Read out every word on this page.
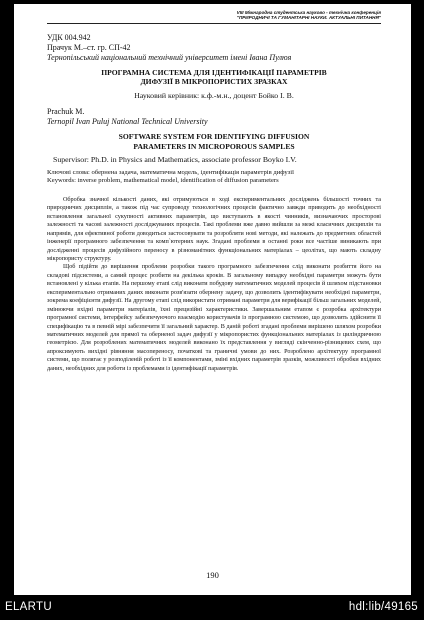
VIII Міжнародна студентська науково - технічна конференція
"ПРИРОДНИЧІ ТА ГУМАНІТАРНІ НАУКИ. АКТУАЛЬНІ ПИТАННЯ"
УДК 004.942
Прачук М.–ст. гр. СП-42
Тернопільський національний технічний університет імені Івана Пулюя
ПРОГРАМНА СИСТЕМА ДЛЯ ІДЕНТИФІКАЦІЇ ПАРАМЕТРІВ
ДИФУЗІЇ В МІКРОПОРИСТИХ ЗРАЗКАХ
Науковий керівник: к.ф.-м.н., доцент Бойко І. В.
Prachuk M.
Ternopil Ivan Puluj National Technical University
SOFTWARE SYSTEM FOR IDENTIFYING DIFFUSION
PARAMETERS IN MICROPOROUS SAMPLES
Supervisor: Ph.D. in Physics and Mathematics, associate professor Boyko I.V.
Ключові слова: обернена задача, математична модель, ідентифікація параметрів дифузії
Keywords: inverse problem, mathematical model, identification of diffusion parameters

Обробка значної кількості даних, які отримуються в ході експериментальних досліджень більшості точних та природничих дисциплін, а також під час супроводу технологічних процесів фактично завжди приводить до необхідності встановлення загальної сукупності активних параметрів, що виступають в якості чинників, визначаючих просторові залежності та часові залежності досліджуваних процесів. Такі проблеми вже давно вийшли за межі класичних дисциплін та напрямів, для ефективної роботи доводиться застосовувати та розробляти нові методи, які належать до предметних областей інженерії програмного забезпечення та комп`ютерних наук. Згадані проблеми в останні роки все частіше виникають при дослідженні процесів дифузійного переносу в різноманітних функціональних матеріалах – цеолітах, що мають складну мікропористу структуру.

Щоб підійти до вирішення проблеми розробки такого програмного забезпечення слід виконати розбиття його на складові підсистеми, а самий процес розбити на декілька кроків. В загальному випадку необхідні параметри можуть бути встановлені у кілька етапів. На першому етапі слід виконати побудову математичних моделей процесів й шляхом підстановки експериментально отриманих даних виконати розв'язати обернену задачу, що дозволить ідентифікувати необхідні параметри, зокрема коефіцієнти дифузії. На другому етапі слід використати отримані параметри для верифікації більш загальних моделей, змінюючи вхідні параметри матеріалів, їхні прецизійні характеристики. Завершальним етапом є розробка архітектури програмної системи, інтерфейсу забезпечуючого взаємодію користувачів із програмною системою, що дозволить здійснити її специфікацію та в певній мірі забезпечити її загальний характер. В даній роботі згадані проблеми вирішено шляхом розробки математичних моделей для прямої та оберненої задач дифузії у мікропористих функціональних матеріалах із циліндричною геометрією. Для розроблених математичних моделей виконано їх представлення у вигляді скінченно-різницевих схем, що апроксимують вихідні рівняння масопереносу, початкові та граничні умови до них. Розроблено архітектуру програмної системи, що полягає у розподіленій роботі із її компонентами, зміні вхідних параметрів зразків, можливості обробки вхідних даних, необхідних для роботи із проблемами із ідентифікації параметрів.

190
ELARTU	hdl:lib/49165
